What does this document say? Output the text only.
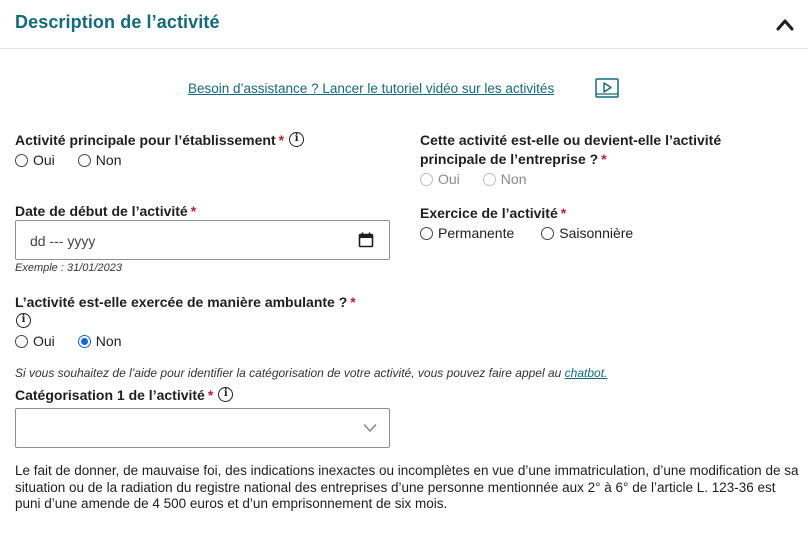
Description de l’activité
Besoin d’assistance ? Lancer le tutoriel vidéo sur les activités
Activité principale pour l’établissement * i
Oui	Non
Cette activité est-elle ou devient-elle l’activité
principale de l’entreprise ? *
Oui	Non
Date de début de l’activité *
dd --- yyyy
Exemple : 31/01/2023
Exercice de l’activité *
Permanente	Saisonnière
L’activité est-elle exercée de manière ambulante ? *
i
Oui	Non
Si vous souhaitez de l’aide pour identifier la catégorisation de votre activité, vous pouvez faire appel au chatbot.
Catégorisation 1 de l’activité * i
Le fait de donner, de mauvaise foi, des indications inexactes ou incomplètes en vue d’une immatriculation, d’une modification de sa situation ou de la radiation du registre national des entreprises d’une personne mentionnée aux 2° à 6° de l’article L. 123-36 est puni d’une amende de 4 500 euros et d’un emprisonnement de six mois.
